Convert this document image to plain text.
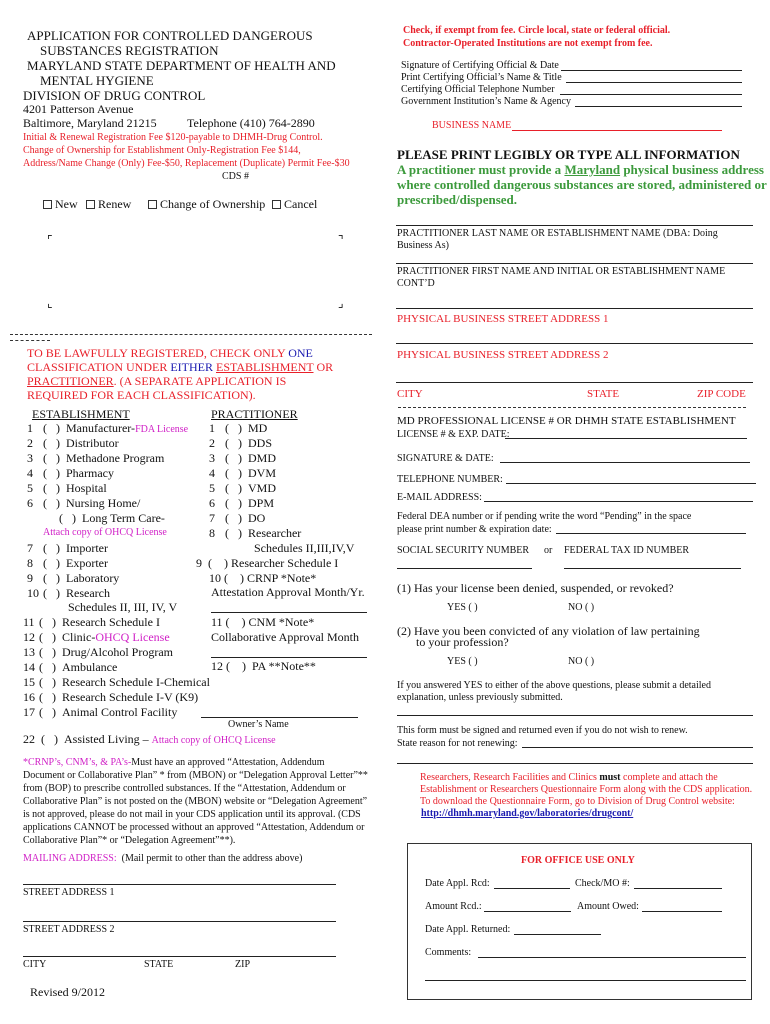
APPLICATION FOR CONTROLLED DANGEROUS
SUBSTANCES REGISTRATION
MARYLAND STATE DEPARTMENT OF HEALTH AND
MENTAL HYGIENE
DIVISION OF DRUG CONTROL
4201 Patterson Avenue
Baltimore, Maryland 21215	Telephone (410) 764-2890
Initial & Renewal Registration Fee $120-payable to DHMH-Drug Control.
Change of Ownership for Establishment Only-Registration Fee $144,
Address/Name Change (Only) Fee-$50, Replacement (Duplicate) Permit Fee-$30
CDS #
New	Renew	Change of Ownership	Cancel
⌜	⌝
⌞	⌟
TO BE LAWFULLY REGISTERED, CHECK ONLY ONE
CLASSIFICATION UNDER EITHER ESTABLISHMENT OR
PRACTITIONER. (A SEPARATE APPLICATION IS
REQUIRED FOR EACH CLASSIFICATION).
ESTABLISHMENT
1 (   )  Manufacturer-FDA License
2 (   )  Distributor
3 (   )  Methadone Program
4 (   )  Pharmacy
5 (   )  Hospital
6 (   )  Nursing Home/
(   )  Long Term Care-
Attach copy of OHCQ License
7 (   )  Importer
8 (   )  Exporter
9 (   )  Laboratory
10 (   )  Research
Schedules II, III, IV, V
11 (   )  Research Schedule I
12 (   )  Clinic-OHCQ License
13 (   )  Drug/Alcohol Program
14 (   )  Ambulance
15 (   )  Research Schedule I-Chemical
16 (   )  Research Schedule I-V (K9)
17 (   )  Animal Control Facility
Owner’s Name
22  (   )  Assisted Living – Attach copy of OHCQ License
PRACTITIONER
1 (   )  MD
2 (   )  DDS
3 (   )  DMD
4 (   )  DVM
5 (   )  VMD
6 (   )  DPM
7 (   )  DO
8 (   )  Researcher
Schedules II,III,IV,V
9  (    ) Researcher Schedule I
10 (    ) CRNP *Note*
Attestation Approval Month/Yr.
11 (    ) CNM *Note*
Collaborative Approval Month
12 (    )  PA **Note**
*CRNP’s, CNM’s, & PA’s-Must have an approved “Attestation, Addendum
Document or Collaborative Plan” * from (MBON) or “Delegation Approval Letter”**
from (BOP) to prescribe controlled substances. If the “Attestation, Addendum or
Collaborative Plan” is not posted on the (MBON) website or “Delegation Agreement”
is not approved, please do not mail in your CDS application until its approval. (CDS
applications CANNOT be processed without an approved “Attestation, Addendum or
Collaborative Plan”* or “Delegation Agreement”**).
MAILING ADDRESS: (Mail permit to other than the address above)
STREET ADDRESS 1
STREET ADDRESS 2
CITY	STATE	ZIP
Revised 9/2012
Check, if exempt from fee. Circle local, state or federal official.
Contractor-Operated Institutions are not exempt from fee.
Signature of Certifying Official & Date
Print Certifying Official’s Name & Title
Certifying Official Telephone Number
Government Institution’s Name & Agency
BUSINESS NAME
PLEASE PRINT LEGIBLY OR TYPE ALL INFORMATION
A practitioner must provide a Maryland physical business address
where controlled dangerous substances are stored, administered or
prescribed/dispensed.
PRACTITIONER LAST NAME OR ESTABLISHMENT NAME (DBA: Doing
Business As)
PRACTITIONER FIRST NAME AND INITIAL OR ESTABLISHMENT NAME
CONT’D
PHYSICAL BUSINESS STREET ADDRESS 1
PHYSICAL BUSINESS STREET ADDRESS 2
CITY	STATE	ZIP CODE
MD PROFESSIONAL LICENSE # OR DHMH STATE ESTABLISHMENT
LICENSE # & EXP. DATE:
SIGNATURE & DATE:
TELEPHONE NUMBER:
E-MAIL ADDRESS:
Federal DEA number or if pending write the word “Pending” in the space
please print number & expiration date:
SOCIAL SECURITY NUMBER or FEDERAL TAX ID NUMBER
(1) Has your license been denied, suspended, or revoked?
YES ( )	NO ( )
(2) Have you been convicted of any violation of law pertaining
to your profession?
YES ( )	NO ( )
If you answered YES to either of the above questions, please submit a detailed
explanation, unless previously submitted.
This form must be signed and returned even if you do not wish to renew.
State reason for not renewing:
Researchers, Research Facilities and Clinics must complete and attach the
Establishment or Researchers Questionnaire Form along with the CDS application.
To download the Questionnaire Form, go to Division of Drug Control website:
http://dhmh.maryland.gov/laboratories/drugcont/
FOR OFFICE USE ONLY
Date Appl. Rcd:	Check/MO #:
Amount Rcd.:	Amount Owed:
Date Appl. Returned:
Comments:
